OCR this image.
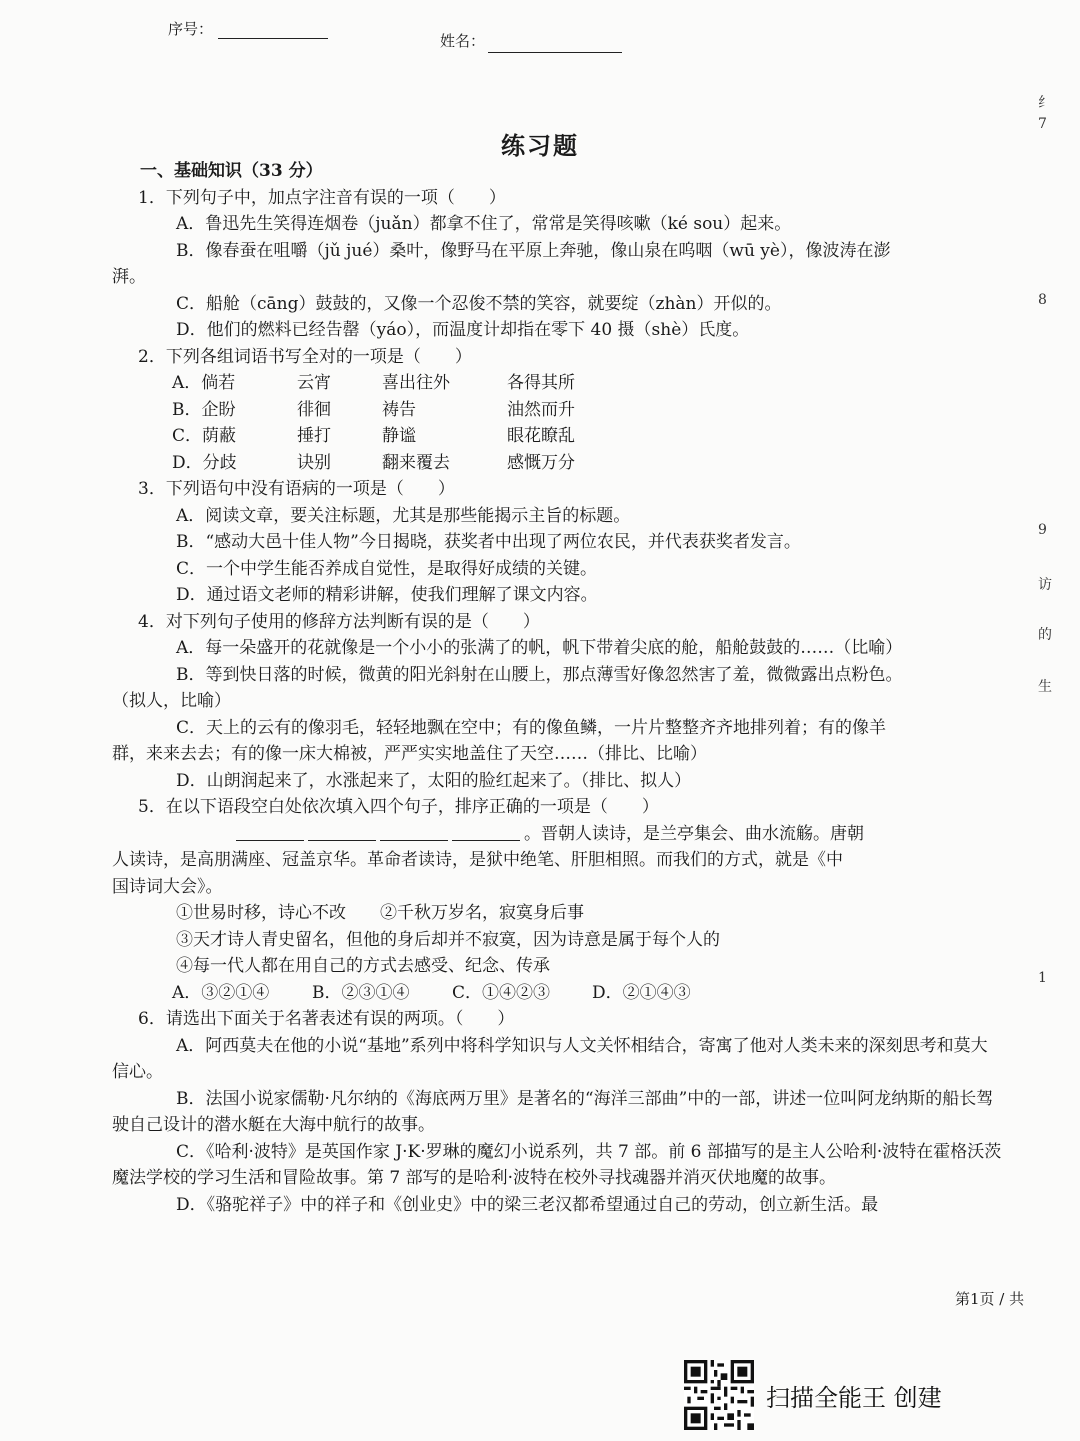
序号：
姓名：
练习题
一、基础知识（33 分）
1．下列句子中，加点字注音有误的一项（　　）
A．鲁迅先生笑得连烟卷（juǎn）都拿不住了，常常是笑得咳嗽（ké sou）起来。
B．像春蚕在咀嚼（jǔ jué）桑叶，像野马在平原上奔驰，像山泉在呜咽（wū yè），像波涛在澎
湃。
C．船舱（cāng）鼓鼓的，又像一个忍俊不禁的笑容，就要绽（zhàn）开似的。
D．他们的燃料已经告罄（yáo），而温度计却指在零下 40 摄（shè）氏度。
2．下列各组词语书写全对的一项是（　　）
A．倘若	云宵	喜出往外	各得其所
B．企盼	徘徊	祷告	油然而升
C．荫蔽	捶打	静谧	眼花瞭乱
D．分歧	诀别	翻来覆去	感慨万分
3．下列语句中没有语病的一项是（　　）
A．阅读文章，要关注标题，尤其是那些能揭示主旨的标题。
B．“感动大邑十佳人物”今日揭晓，获奖者中出现了两位农民，并代表获奖者发言。
C．一个中学生能否养成自觉性，是取得好成绩的关键。
D．通过语文老师的精彩讲解，使我们理解了课文内容。
4．对下列句子使用的修辞方法判断有误的是（　　）
A．每一朵盛开的花就像是一个小小的张满了的帆，帆下带着尖底的舱，船舱鼓鼓的……（比喻）
B．等到快日落的时候，微黄的阳光斜射在山腰上，那点薄雪好像忽然害了羞，微微露出点粉色。
（拟人，比喻）
C．天上的云有的像羽毛，轻轻地飘在空中；有的像鱼鳞，一片片整整齐齐地排列着；有的像羊
群，来来去去；有的像一床大棉被，严严实实地盖住了天空……（排比、比喻）
D．山朗润起来了，水涨起来了，太阳的脸红起来了。（排比、拟人）
5．在以下语段空白处依次填入四个句子，排序正确的一项是（　　）
。晋朝人读诗，是兰亭集会、曲水流觞。唐朝
人读诗，是高朋满座、冠盖京华。革命者读诗，是狱中绝笔、肝胆相照。而我们的方式，就是《中
国诗词大会》。
①世易时移，诗心不改　　②千秋万岁名，寂寞身后事
③天才诗人青史留名，但他的身后却并不寂寞，因为诗意是属于每个人的
④每一代人都在用自己的方式去感受、纪念、传承
A．③②①④	B．②③①④	C．①④②③	D．②①④③
6．请选出下面关于名著表述有误的两项。（　　）
A．阿西莫夫在他的小说“基地”系列中将科学知识与人文关怀相结合，寄寓了他对人类未来的深刻思考和莫大信心。
B．法国小说家儒勒·凡尔纳的《海底两万里》是著名的“海洋三部曲”中的一部，讲述一位叫阿龙纳斯的船长驾驶自己设计的潜水艇在大海中航行的故事。
C．《哈利·波特》是英国作家 J·K·罗琳的魔幻小说系列，共 7 部。前 6 部描写的是主人公哈利·波特在霍格沃茨魔法学校的学习生活和冒险故事。第 7 部写的是哈利·波特在校外寻找魂器并消灭伏地魔的故事。
D．《骆驼祥子》中的祥子和《创业史》中的梁三老汉都希望通过自己的劳动，创立新生活。最
第1页 / 共
纟
7
8
9
访
的
生
1
扫描全能王 创建
